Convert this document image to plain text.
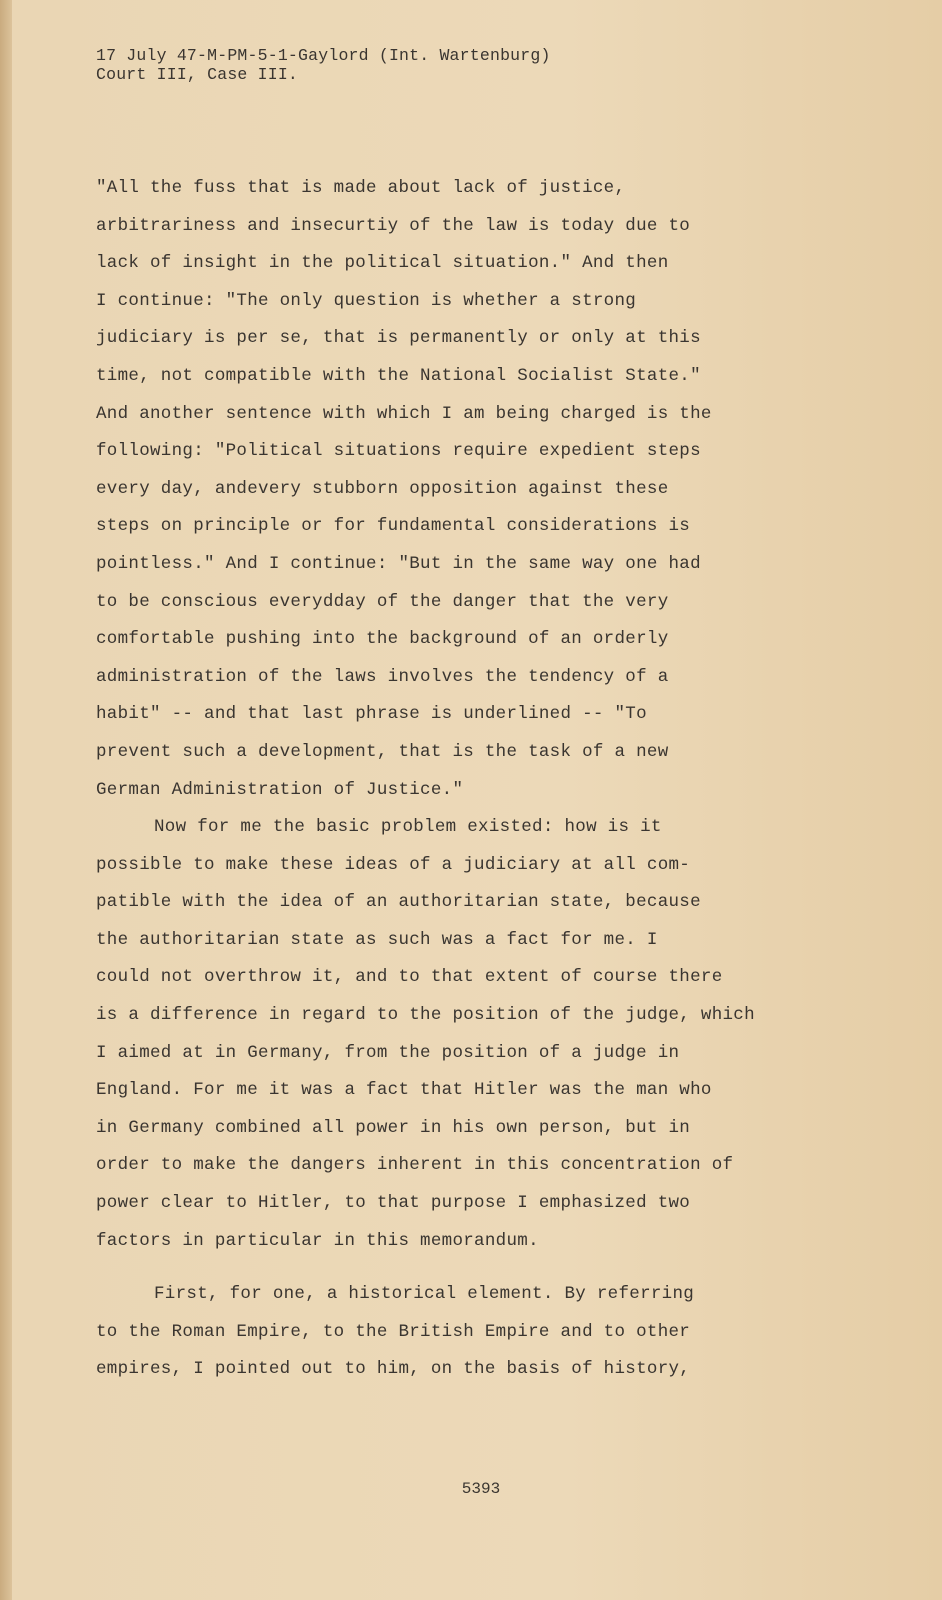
17 July 47-M-PM-5-1-Gaylord (Int. Wartenburg)
Court III, Case III.
"All the fuss that is made about lack of justice,
arbitrariness and insecurtiy of the law is today due to
lack of insight in the political situation." And then
I continue: "The only question is whether a strong
judiciary is per se, that is permanently or only at this
time, not compatible with the National Socialist State."
And another sentence with which I am being charged is the
following: "Political situations require expedient steps
every day, andevery stubborn opposition against these
steps on principle or for fundamental considerations is
pointless." And I continue: "But in the same way one had
to be conscious everydday of the danger that the very
comfortable pushing into the background of an orderly
administration of the laws involves the tendency of a
habit" -- and that last phrase is underlined -- "To
prevent such a development, that is the task of a new
German Administration of Justice."
Now for me the basic problem existed: how is it
possible to make these ideas of a judiciary at all com-
patible with the idea of an authoritarian state, because
the authoritarian state as such was a fact for me. I
could not overthrow it, and to that extent of course there
is a difference in regard to the position of the judge, which
I aimed at in Germany, from the position of a judge in
England. For me it was a fact that Hitler was the man who
in Germany combined all power in his own person, but in
order to make the dangers inherent in this concentration of
power clear to Hitler, to that purpose I emphasized two
factors in particular in this memorandum.
First, for one, a historical element. By referring
to the Roman Empire, to the British Empire and to other
empires, I pointed out to him, on the basis of history,
5393
